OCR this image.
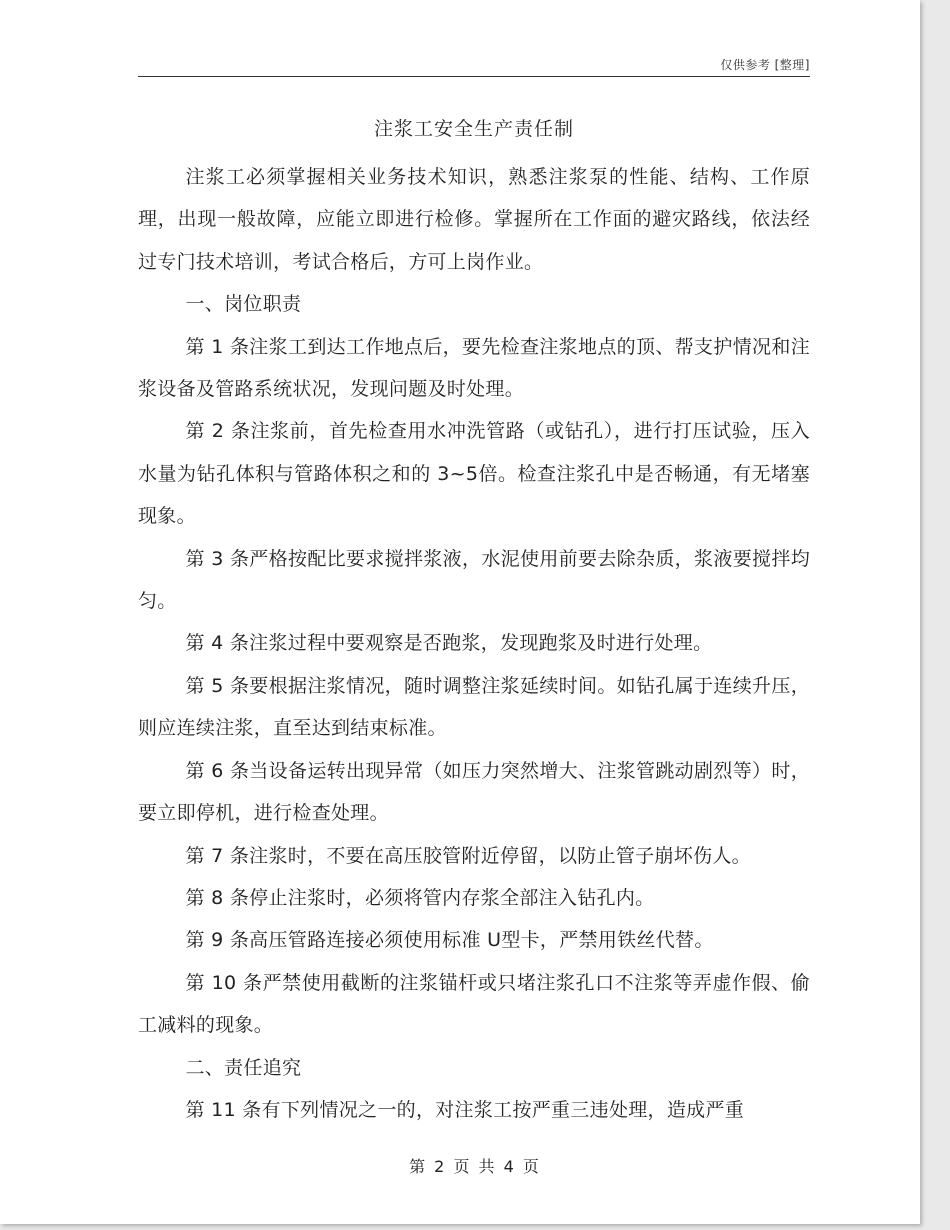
仅供参考 [整理]
注浆工安全生产责任制

注浆工必须掌握相关业务技术知识，熟悉注浆泵的性能、结构、工作原理，出现一般故障，应能立即进行检修。掌握所在工作面的避灾路线，依法经过专门技术培训，考试合格后，方可上岗作业。

一、岗位职责

第 1 条注浆工到达工作地点后，要先检查注浆地点的顶、帮支护情况和注浆设备及管路系统状况，发现问题及时处理。

第 2 条注浆前，首先检查用水冲洗管路（或钻孔），进行打压试验，压入水量为钻孔体积与管路体积之和的 3~5倍。检查注浆孔中是否畅通，有无堵塞现象。

第 3 条严格按配比要求搅拌浆液，水泥使用前要去除杂质，浆液要搅拌均匀。

第 4 条注浆过程中要观察是否跑浆，发现跑浆及时进行处理。

第 5 条要根据注浆情况，随时调整注浆延续时间。如钻孔属于连续升压，则应连续注浆，直至达到结束标准。

第 6 条当设备运转出现异常（如压力突然增大、注浆管跳动剧烈等）时，要立即停机，进行检查处理。

第 7 条注浆时，不要在高压胶管附近停留，以防止管子崩坏伤人。

第 8 条停止注浆时，必须将管内存浆全部注入钻孔内。

第 9 条高压管路连接必须使用标准 U型卡，严禁用铁丝代替。

第 10 条严禁使用截断的注浆锚杆或只堵注浆孔口不注浆等弄虚作假、偷工减料的现象。

二、责任追究

第 11 条有下列情况之一的，对注浆工按严重三违处理，造成严重

第 2 页 共 4 页
